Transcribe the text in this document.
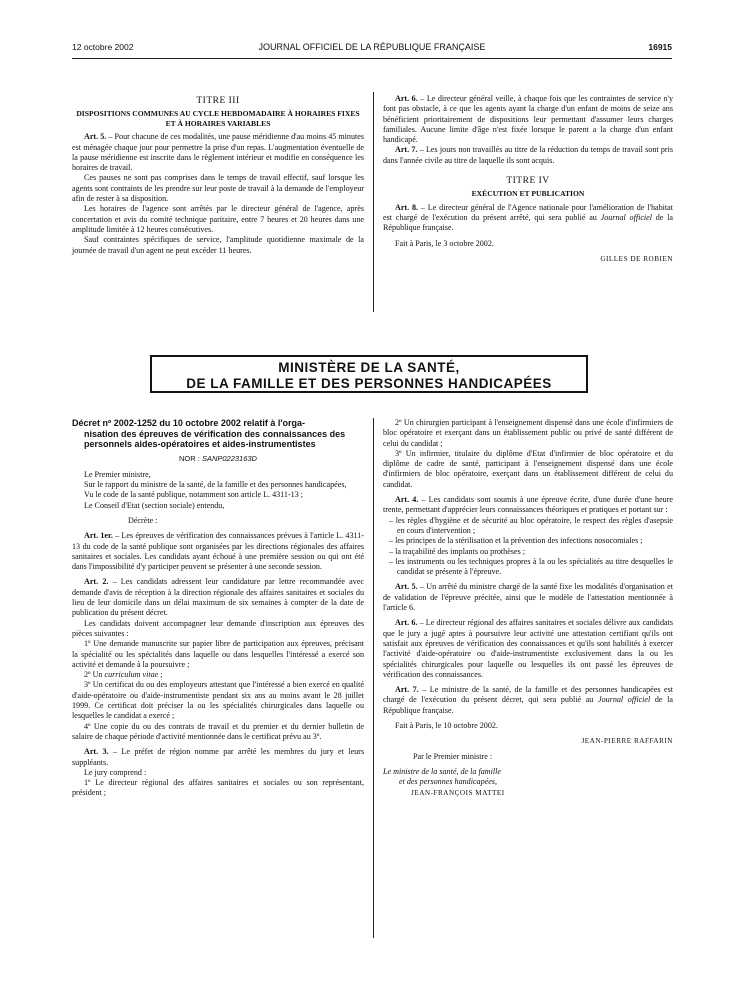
12 octobre 2002	JOURNAL OFFICIEL DE LA RÉPUBLIQUE FRANÇAISE	16915
TITRE III
DISPOSITIONS COMMUNES AU CYCLE HEBDOMADAIRE À HORAIRES FIXES ET À HORAIRES VARIABLES

Art. 5. – Pour chacune de ces modalités, une pause méridienne d'au moins 45 minutes est ménagée chaque jour pour permettre la prise d'un repas. L'augmentation éventuelle de la pause méridienne est inscrite dans le règlement intérieur et modifie en conséquence les horaires de travail.

Ces pauses ne sont pas comprises dans le temps de travail effectif, sauf lorsque les agents sont contraints de les prendre sur leur poste de travail à la demande de l'employeur afin de rester à sa disposition.

Les horaires de l'agence sont arrêtés par le directeur général de l'agence, après concertation et avis du comité technique paritaire, entre 7 heures et 20 heures dans une amplitude limitée à 12 heures consécutives.

Sauf contraintes spécifiques de service, l'amplitude quotidienne maximale de la journée de travail d'un agent ne peut excéder 11 heures.

Art. 6. – Le directeur général veille, à chaque fois que les contraintes de service n'y font pas obstacle, à ce que les agents ayant la charge d'un enfant de moins de seize ans bénéficient prioritairement de dispositions leur permettant d'assumer leurs charges familiales. Aucune limite d'âge n'est fixée lorsque le parent a la charge d'un enfant handicapé.

Art. 7. – Les jours non travaillés au titre de la réduction du temps de travail sont pris dans l'année civile au titre de laquelle ils sont acquis.

TITRE IV
EXÉCUTION ET PUBLICATION

Art. 8. – Le directeur général de l'Agence nationale pour l'amélioration de l'habitat est chargé de l'exécution du présent arrêté, qui sera publié au Journal officiel de la République française.

Fait à Paris, le 3 octobre 2002.

GILLES DE ROBIEN
MINISTÈRE DE LA SANTÉ,
DE LA FAMILLE ET DES PERSONNES HANDICAPÉES
Décret nº 2002-1252 du 10 octobre 2002 relatif à l'orga-
nisation des épreuves de vérification des connaissances des personnels aides-opératoires et aides-instrumentistes
NOR : SANP0223163D

Le Premier ministre,

Sur le rapport du ministre de la santé, de la famille et des personnes handicapées,

Vu le code de la santé publique, notamment son article L. 4311-13 ;

Le Conseil d'Etat (section sociale) entendu,

Décrète :

Art. 1er. – Les épreuves de vérification des connaissances prévues à l'article L. 4311-13 du code de la santé publique sont organisées par les directions régionales des affaires sanitaires et sociales. Les candidats ayant échoué à une première session ou qui ont été dans l'impossibilité d'y participer peuvent se présenter à une seconde session.

Art. 2. – Les candidats adressent leur candidature par lettre recommandée avec demande d'avis de réception à la direction régionale des affaires sanitaires et sociales du lieu de leur domicile dans un délai maximum de six semaines à compter de la date de publication du présent décret.

Les candidats doivent accompagner leur demande d'inscription aux épreuves des pièces suivantes :

1º Une demande manuscrite sur papier libre de participation aux épreuves, précisant la spécialité ou les spécialités dans laquelle ou dans lesquelles l'intéressé a exercé son activité et demande à la poursuivre ;

2º Un curriculum vitae ;

3º Un certificat du ou des employeurs attestant que l'intéressé a bien exercé en qualité d'aide-opératoire ou d'aide-instrumentiste pendant six ans au moins avant le 28 juillet 1999. Ce certificat doit préciser la ou les spécialités chirurgicales dans laquelle ou lesquelles le candidat a exercé ;

4º Une copie du ou des contrats de travail et du premier et du dernier bulletin de salaire de chaque période d'activité mentionnée dans le certificat prévu au 3º.

Art. 3. – Le préfet de région nomme par arrêté les membres du jury et leurs suppléants.

Le jury comprend :

1º Le directeur régional des affaires sanitaires et sociales ou son représentant, président ;

2º Un chirurgien participant à l'enseignement dispensé dans une école d'infirmiers de bloc opératoire et exerçant dans un établissement public ou privé de santé différent de celui du candidat ;

3º Un infirmier, titulaire du diplôme d'Etat d'infirmier de bloc opératoire et du diplôme de cadre de santé, participant à l'enseignement dispensé dans une école d'infirmiers de bloc opératoire, exerçant dans un établissement différent de celui du candidat.

Art. 4. – Les candidats sont soumis à une épreuve écrite, d'une durée d'une heure trente, permettant d'apprécier leurs connaissances théoriques et pratiques et portant sur :

– les règles d'hygiène et de sécurité au bloc opératoire, le respect des règles d'asepsie en cours d'intervention ;
– les principes de la stérilisation et la prévention des infections nosocomiales ;
– la traçabilité des implants ou prothèses ;
– les instruments ou les techniques propres à la ou les spécialités au titre desquelles le candidat se présente à l'épreuve.

Art. 5. – Un arrêté du ministre chargé de la santé fixe les modalités d'organisation et de validation de l'épreuve précitée, ainsi que le modèle de l'attestation mentionnée à l'article 6.

Art. 6. – Le directeur régional des affaires sanitaires et sociales délivre aux candidats que le jury a jugé aptes à poursuivre leur activité une attestation certifiant qu'ils ont satisfait aux épreuves de vérification des connaissances et qu'ils sont habilités à exercer l'activité d'aide-opératoire ou d'aide-instrumentiste exclusivement dans la ou les spécialités chirurgicales pour laquelle ou lesquelles ils ont passé les épreuves de vérification des connaissances.

Art. 7. – Le ministre de la santé, de la famille et des personnes handicapées est chargé de l'exécution du présent décret, qui sera publié au Journal officiel de la République française.

Fait à Paris, le 10 octobre 2002.

JEAN-PIERRE RAFFARIN

Par le Premier ministre :

Le ministre de la santé, de la famille
et des personnes handicapées,
JEAN-FRANÇOIS MATTEI
